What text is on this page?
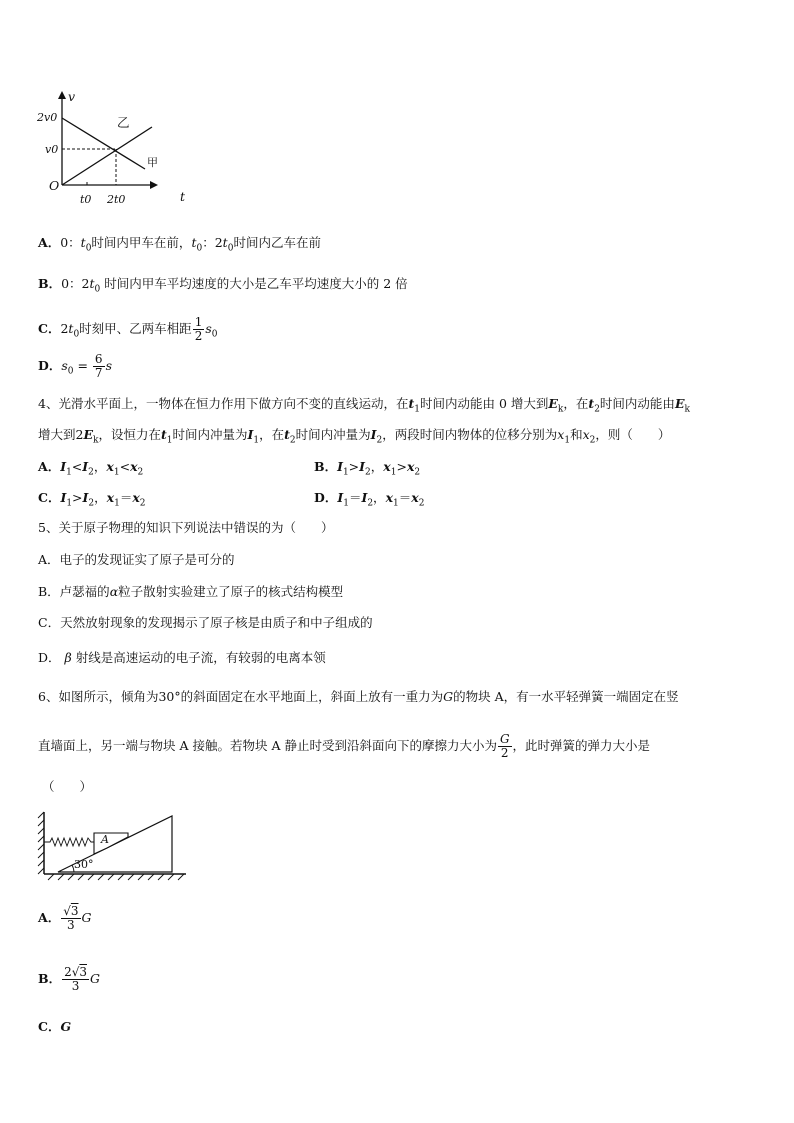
v
t
O
2v0
v0
t0 2t0
乙
甲
A．0：$t_0$时间内甲车在前，$t_0$：$2t_0$时间内乙车在前
B．0：$2t_0$ 时间内甲车平均速度的大小是乙车平均速度大小的 2 倍
C．$2t_0$时刻甲、乙两车相距 $\frac{1}{2} s_0$
D．$s_0 = \frac{6}{7}$ s
4、光滑水平面上，一物体在恒力作用下做方向不变的直线运动，在$t_1$时间内动能由 0 增大到$E_k$，在$t_2$时间内动能由$E_k$
增大到$2E_k$，设恒力在$t_1$时间内冲量为$I_1$，在$t_2$时间内冲量为$I_2$，两段时间内物体的位移分别为$x_1$和$x_2$，则（　　）
A．$I_1<I_2$，$x_1<x_2$	B．$I_1>I_2$，$x_1>x_2$
C．$I_1>I_2$，$x_1=x_2$	D．$I_1=I_2$，$x_1=x_2$
5、关于原子物理的知识下列说法中错误的为（　　）
A．电子的发现证实了原子是可分的
B．卢瑟福的α粒子散射实验建立了原子的核式结构模型
C．天然放射现象的发现揭示了原子核是由质子和中子组成的
D． β 射线是高速运动的电子流，有较弱的电离本领
6、如图所示，倾角为30°的斜面固定在水平地面上，斜面上放有一重力为G的物块 A，有一水平轻弹簧一端固定在竖
直墙面上，另一端与物块 A 接触。若物块 A 静止时受到沿斜面向下的摩擦力大小为 $\frac{G}{2}$ ，此时弹簧的弹力大小是
（　　）
A
30°
A． $\frac{√3}{3}$ G
B． $\frac{2√3}{3}$ G
C．G
